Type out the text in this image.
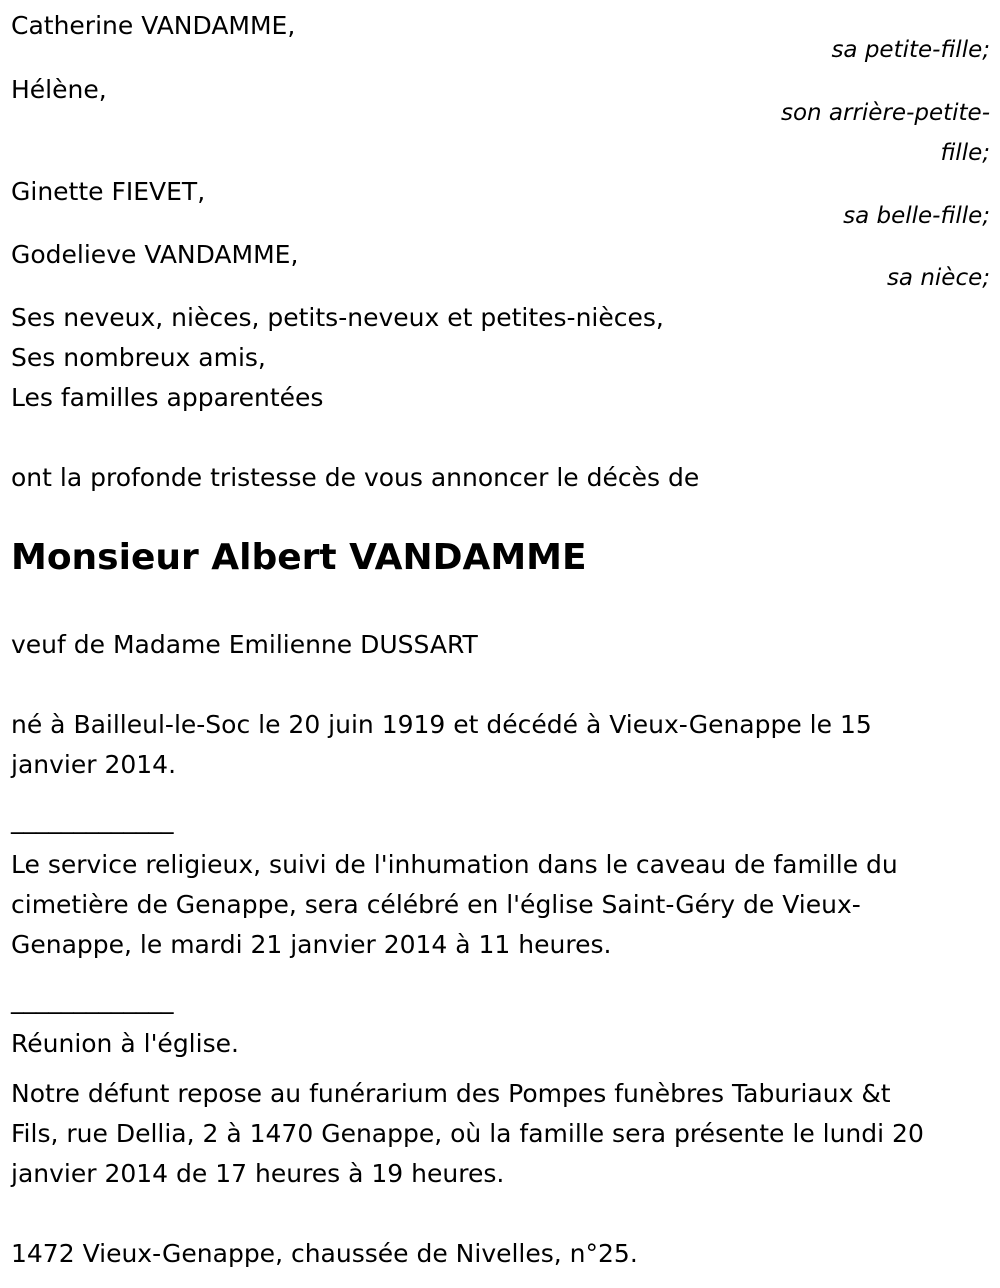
Catherine VANDAMME,
sa petite-fille;
Hélène,
son arrière-petite-
fille;
Ginette FIEVET,
sa belle-fille;
Godelieve VANDAMME,
sa nièce;
Ses neveux, nièces, petits-neveux et petites-nièces,
Ses nombreux amis,
Les familles apparentées
ont la profonde tristesse de vous annoncer le décès de
Monsieur Albert VANDAMME
veuf de Madame Emilienne DUSSART
né à Bailleul-le-Soc le 20 juin 1919 et décédé à Vieux-Genappe le 15
janvier 2014.
_____________
Le service religieux, suivi de l'inhumation dans le caveau de famille du
cimetière de Genappe, sera célébré en l'église Saint-Géry de Vieux-
Genappe, le mardi 21 janvier 2014 à 11 heures.
_____________
Réunion à l'église.
Notre défunt repose au funérarium des Pompes funèbres Taburiaux &t
Fils, rue Dellia, 2 à 1470 Genappe, où la famille sera présente le lundi 20
janvier 2014 de 17 heures à 19 heures.
1472 Vieux-Genappe, chaussée de Nivelles, n°25.
